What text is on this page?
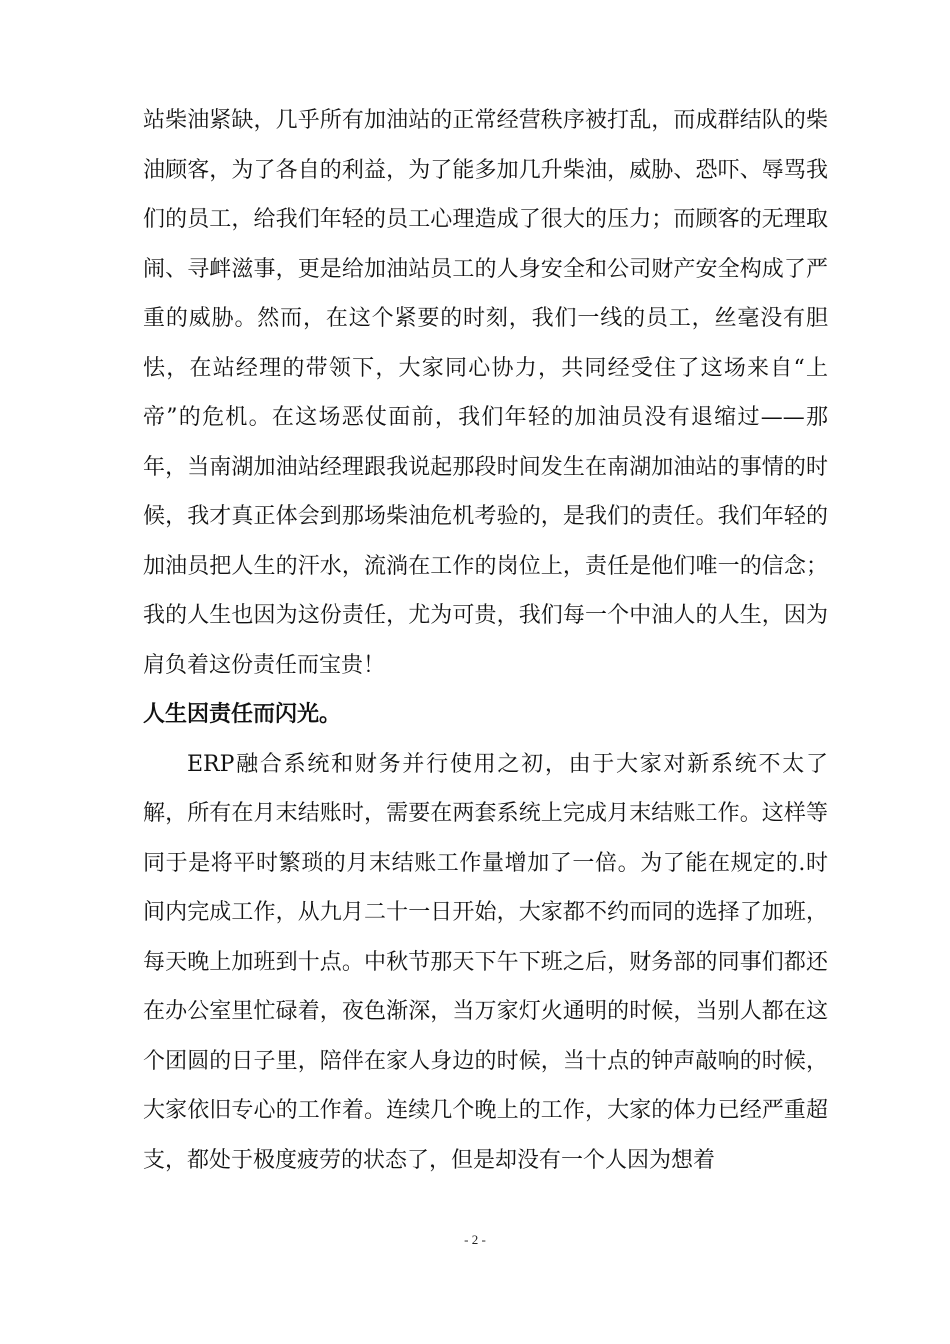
站柴油紧缺，几乎所有加油站的正常经营秩序被打乱，而成群结队的柴油顾客，为了各自的利益，为了能多加几升柴油，威胁、恐吓、辱骂我们的员工，给我们年轻的员工心理造成了很大的压力；而顾客的无理取闹、寻衅滋事，更是给加油站员工的人身安全和公司财产安全构成了严重的威胁。然而，在这个紧要的时刻，我们一线的员工，丝毫没有胆怯，在站经理的带领下，大家同心协力，共同经受住了这场来自“上帝”的危机。在这场恶仗面前，我们年轻的加油员没有退缩过——那年，当南湖加油站经理跟我说起那段时间发生在南湖加油站的事情的时候，我才真正体会到那场柴油危机考验的，是我们的责任。我们年轻的加油员把人生的汗水，流淌在工作的岗位上，责任是他们唯一的信念；我的人生也因为这份责任，尤为可贵，我们每一个中油人的人生，因为肩负着这份责任而宝贵！

人生因责任而闪光。

ERP融合系统和财务并行使用之初，由于大家对新系统不太了解，所有在月末结账时，需要在两套系统上完成月末结账工作。这样等同于是将平时繁琐的月末结账工作量增加了一倍。为了能在规定的.时间内完成工作，从九月二十一日开始，大家都不约而同的选择了加班，每天晚上加班到十点。中秋节那天下午下班之后，财务部的同事们都还在办公室里忙碌着，夜色渐深，当万家灯火通明的时候，当别人都在这个团圆的日子里，陪伴在家人身边的时候，当十点的钟声敲响的时候，大家依旧专心的工作着。连续几个晚上的工作，大家的体力已经严重超支，都处于极度疲劳的状态了，但是却没有一个人因为想着

- 2 -
